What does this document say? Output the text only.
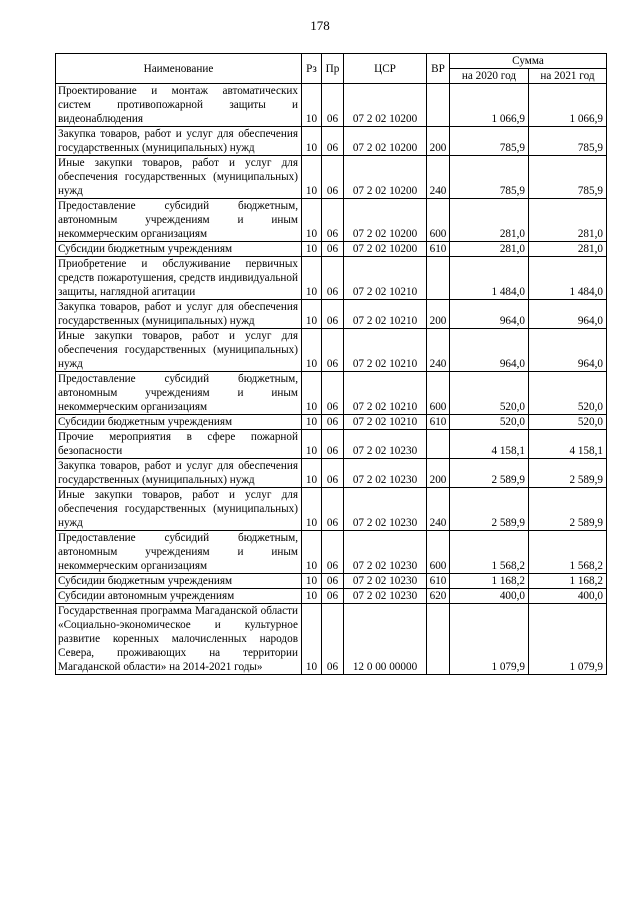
178
Наименование	Рз	Пр	ЦСР	ВР	Сумма	
					на 2020 год	на 2021 год
Проектирование и монтаж автоматических систем противопожарной защиты и видеонаблюдения	10	06	07 2 02 10200		1 066,9	1 066,9
Закупка товаров, работ и услуг для обеспечения государственных (муниципальных) нужд	10	06	07 2 02 10200	200	785,9	785,9
Иные закупки товаров, работ и услуг для обеспечения государственных (муниципальных) нужд	10	06	07 2 02 10200	240	785,9	785,9
Предоставление субсидий бюджетным, автономным учреждениям и иным некоммерческим организациям	10	06	07 2 02 10200	600	281,0	281,0
Субсидии бюджетным учреждениям	10	06	07 2 02 10200	610	281,0	281,0
Приобретение и обслуживание первичных средств пожаротушения, средств индивидуальной защиты, наглядной агитации	10	06	07 2 02 10210		1 484,0	1 484,0
Закупка товаров, работ и услуг для обеспечения государственных (муниципальных) нужд	10	06	07 2 02 10210	200	964,0	964,0
Иные закупки товаров, работ и услуг для обеспечения государственных (муниципальных) нужд	10	06	07 2 02 10210	240	964,0	964,0
Предоставление субсидий бюджетным, автономным учреждениям и иным некоммерческим организациям	10	06	07 2 02 10210	600	520,0	520,0
Субсидии бюджетным учреждениям	10	06	07 2 02 10210	610	520,0	520,0
Прочие мероприятия в сфере пожарной безопасности	10	06	07 2 02 10230		4 158,1	4 158,1
Закупка товаров, работ и услуг для обеспечения государственных (муниципальных) нужд	10	06	07 2 02 10230	200	2 589,9	2 589,9
Иные закупки товаров, работ и услуг для обеспечения государственных (муниципальных) нужд	10	06	07 2 02 10230	240	2 589,9	2 589,9
Предоставление субсидий бюджетным, автономным учреждениям и иным некоммерческим организациям	10	06	07 2 02 10230	600	1 568,2	1 568,2
Субсидии бюджетным учреждениям	10	06	07 2 02 10230	610	1 168,2	1 168,2
Субсидии автономным учреждениям	10	06	07 2 02 10230	620	400,0	400,0
Государственная программа Магаданской области «Социально-экономическое и культурное развитие коренных малочисленных народов Севера, проживающих на территории Магаданской области» на 2014-2021 годы»	10	06	12 0 00 00000		1 079,9	1 079,9
